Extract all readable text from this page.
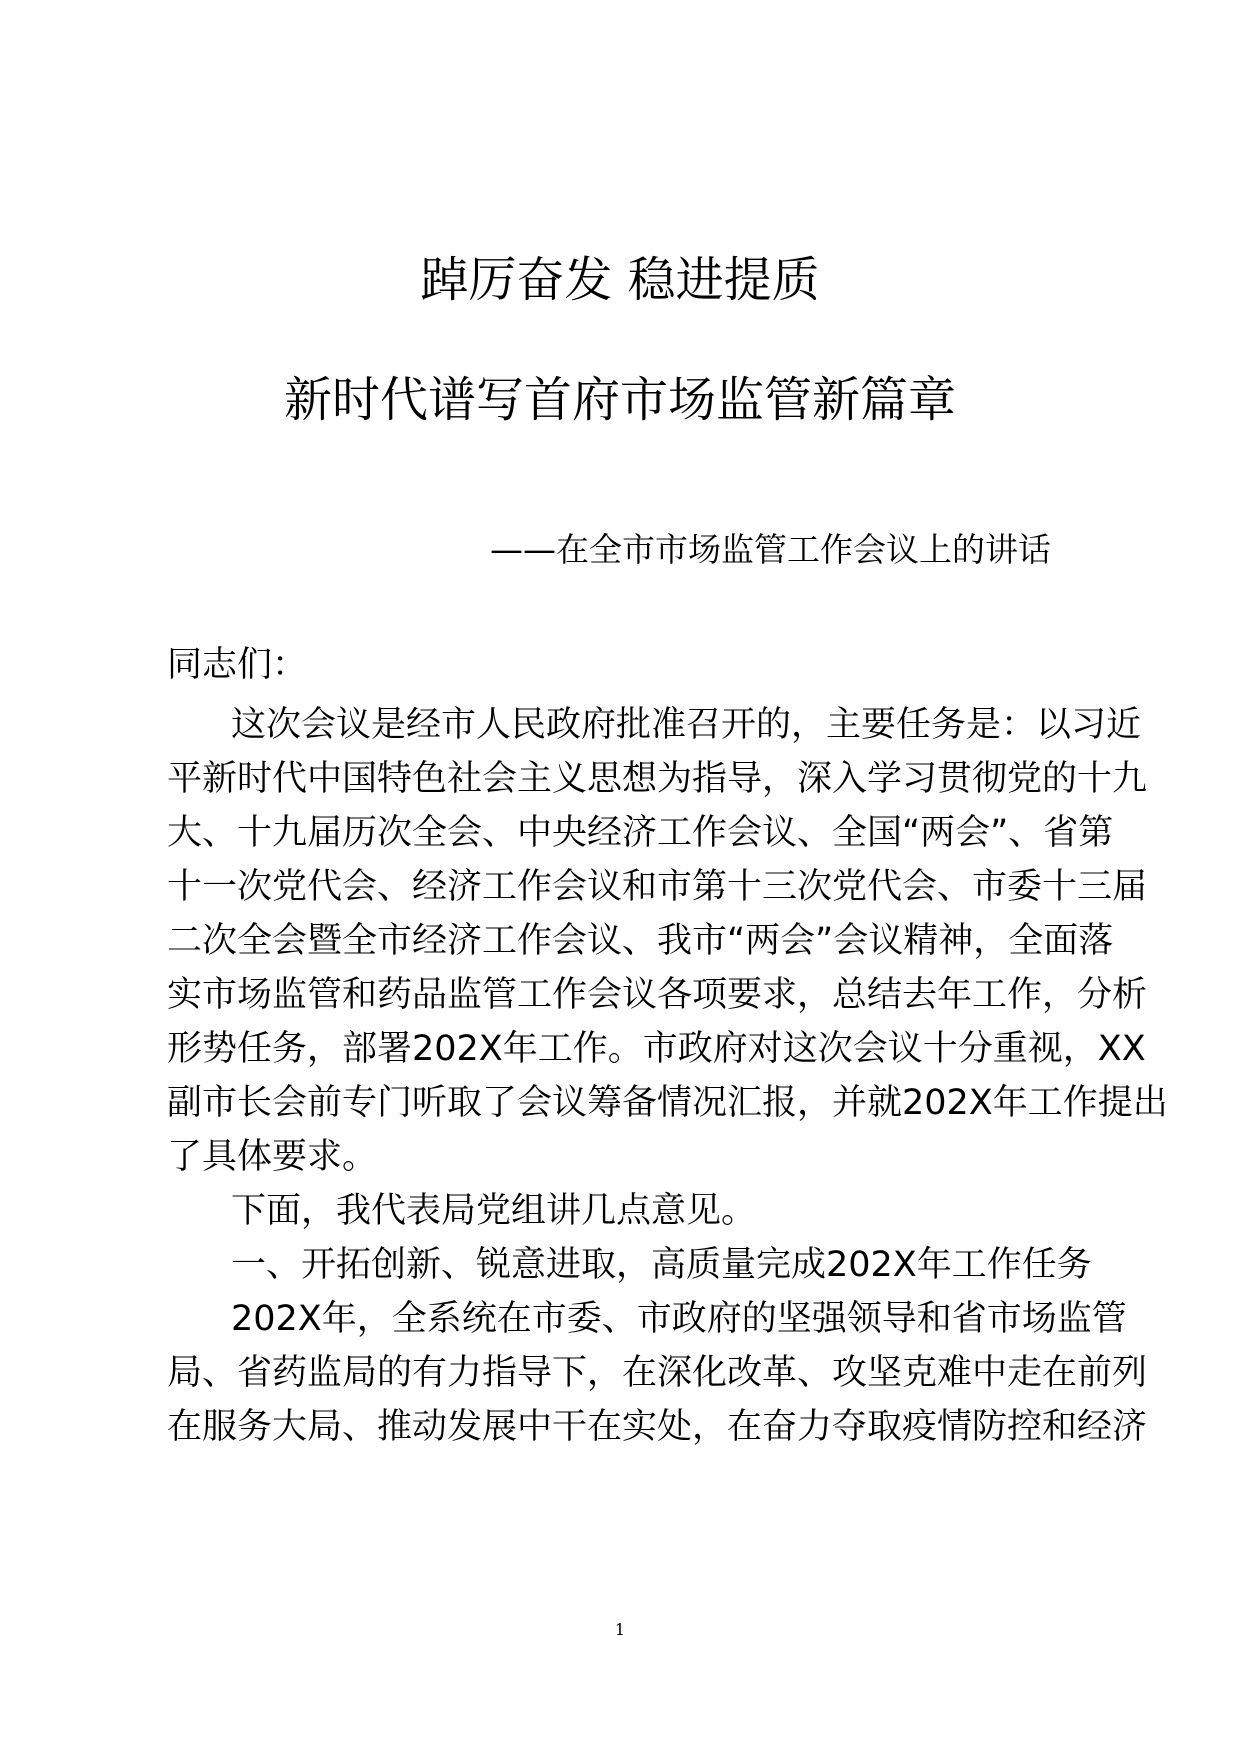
踔厉奋发 稳进提质
新时代谱写首府市场监管新篇章
——在全市市场监管工作会议上的讲话
同志们：
这次会议是经市人民政府批准召开的，主要任务是：以习近
平新时代中国特色社会主义思想为指导，深入学习贯彻党的十九
大、十九届历次全会、中央经济工作会议、全国“两会”、省第
十一次党代会、经济工作会议和市第十三次党代会、市委十三届
二次全会暨全市经济工作会议、我市“两会”会议精神，全面落
实市场监管和药品监管工作会议各项要求，总结去年工作，分析
形势任务，部署202X年工作。市政府对这次会议十分重视，XX
副市长会前专门听取了会议筹备情况汇报，并就202X年工作提出
了具体要求。
下面，我代表局党组讲几点意见。
一、开拓创新、锐意进取，高质量完成202X年工作任务
202X年，全系统在市委、市政府的坚强领导和省市场监管
局、省药监局的有力指导下，在深化改革、攻坚克难中走在前列
在服务大局、推动发展中干在实处，在奋力夺取疫情防控和经济
1
